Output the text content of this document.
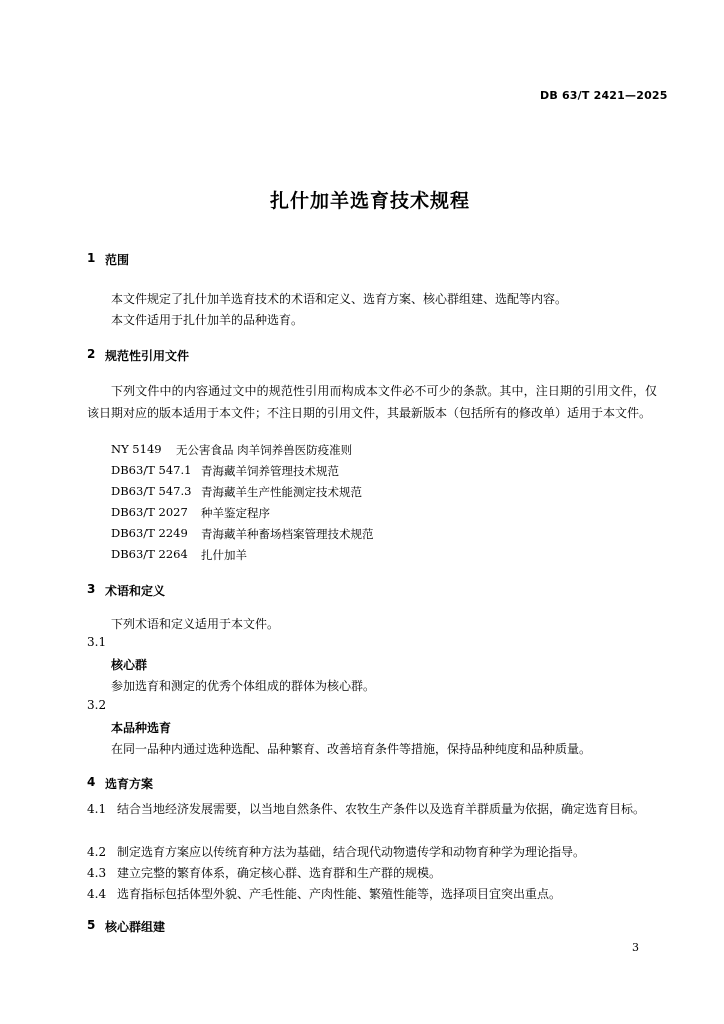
DB 63/T 2421—2025
扎什加羊选育技术规程
1 范围
本文件规定了扎什加羊选育技术的术语和定义、选育方案、核心群组建、选配等内容。
本文件适用于扎什加羊的品种选育。
2 规范性引用文件
下列文件中的内容通过文中的规范性引用而构成本文件必不可少的条款。其中，注日期的引用文件，仅该日期对应的版本适用于本文件；不注日期的引用文件，其最新版本（包括所有的修改单）适用于本文件。
NY 5149 无公害食品 肉羊饲养兽医防疫准则
DB63/T 547.1 青海藏羊饲养管理技术规范
DB63/T 547.3 青海藏羊生产性能测定技术规范
DB63/T 2027 种羊鉴定程序
DB63/T 2249 青海藏羊种畜场档案管理技术规范
DB63/T 2264 扎什加羊
3 术语和定义
下列术语和定义适用于本文件。
3.1
核心群
参加选育和测定的优秀个体组成的群体为核心群。
3.2
本品种选育
在同一品种内通过选种选配、品种繁育、改善培育条件等措施，保持品种纯度和品种质量。
4 选育方案
4.1 结合当地经济发展需要，以当地自然条件、农牧生产条件以及选育羊群质量为依据，确定选育目标。
4.2 制定选育方案应以传统育种方法为基础，结合现代动物遗传学和动物育种学为理论指导。
4.3 建立完整的繁育体系，确定核心群、选育群和生产群的规模。
4.4 选育指标包括体型外貌、产毛性能、产肉性能、繁殖性能等，选择项目宜突出重点。
5 核心群组建
3
